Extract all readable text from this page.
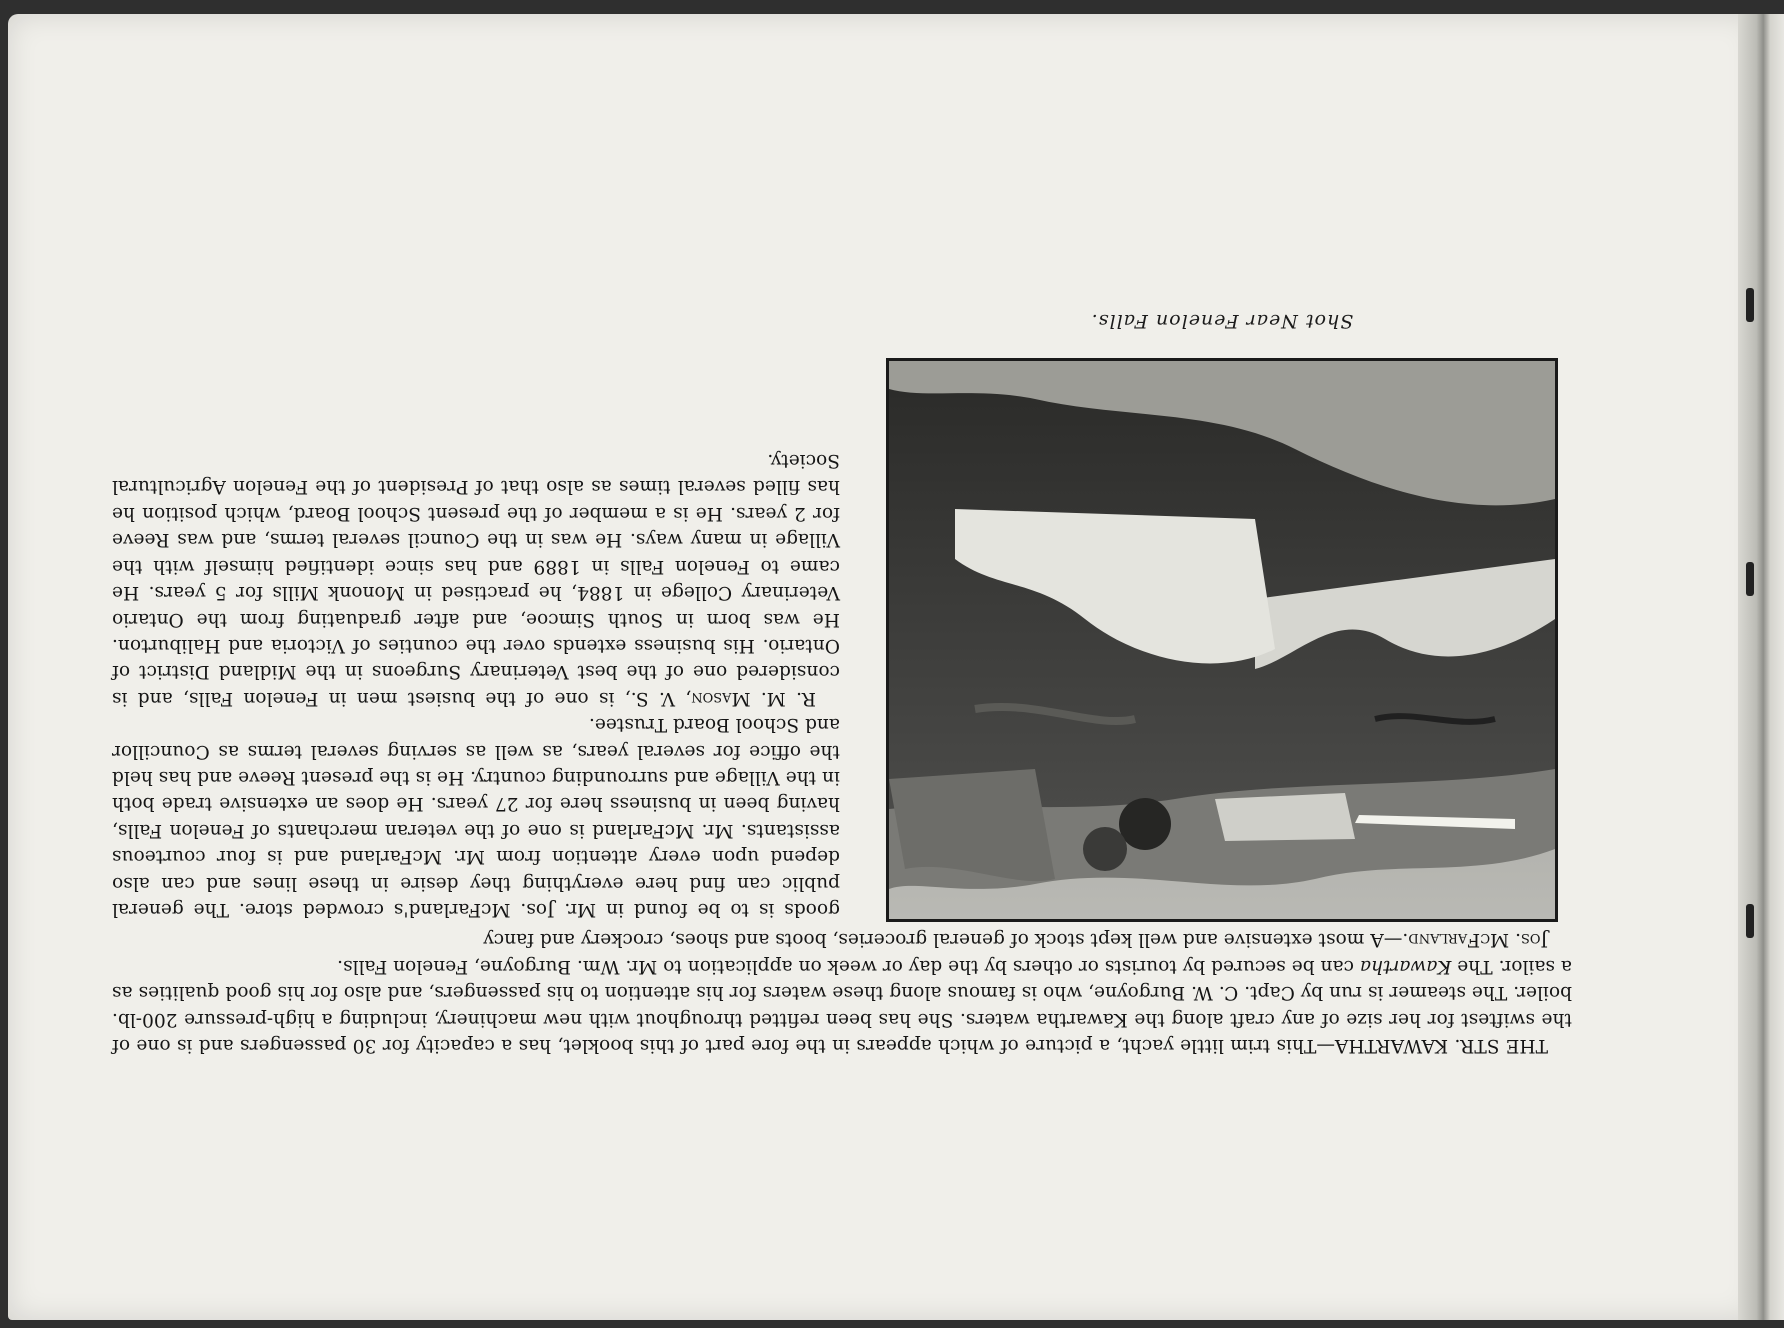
THE STR. KAWARTHA—This trim little yacht, a picture of which appears in the fore part of this booklet, has a capacity for 30 passengers and is one of the swiftest for her size of any craft along the Kawartha waters. She has been refitted throughout with new machinery, including a high-pressure 200-lb. boiler. The steamer is run by Capt. C. W. Burgoyne, who is famous along these waters for his attention to his passengers, and also for his good qualities as a sailor. The Kawartha can be secured by tourists or others by the day or week on application to Mr. Wm. Burgoyne, Fenelon Falls.

Jos. McFarland.—A most extensive and well kept stock of general groceries, boots and shoes, crockery and fancy

goods is to be found in Mr. Jos. McFarland's crowded store. The general public can find here everything they desire in these lines and can also depend upon every attention from Mr. McFarland and is four courteous assistants. Mr. McFarland is one of the veteran merchants of Fenelon Falls, having been in business here for 27 years. He does an extensive trade both in the Village and surrounding country. He is the present Reeve and has held the office for several years, as well as serving several terms as Councillor and School Board Trustee.

R. M. Mason, V. S., is one of the busiest men in Fenelon Falls, and is considered one of the best Veterinary Surgeons in the Midland District of Ontario. His business extends over the counties of Victoria and Haliburton. He was born in South Simcoe, and after graduating from the Ontario Veterinary College in 1884, he practised in Mononk Mills for 5 years. He came to Fenelon Falls in 1889 and has since identified himself with the Village in many ways. He was in the Council several terms, and was Reeve for 2 years. He is a member of the present School Board, which position he has filled several times as also that of President of the Fenelon Agricultural Society.

Shot Near Fenelon Falls.
